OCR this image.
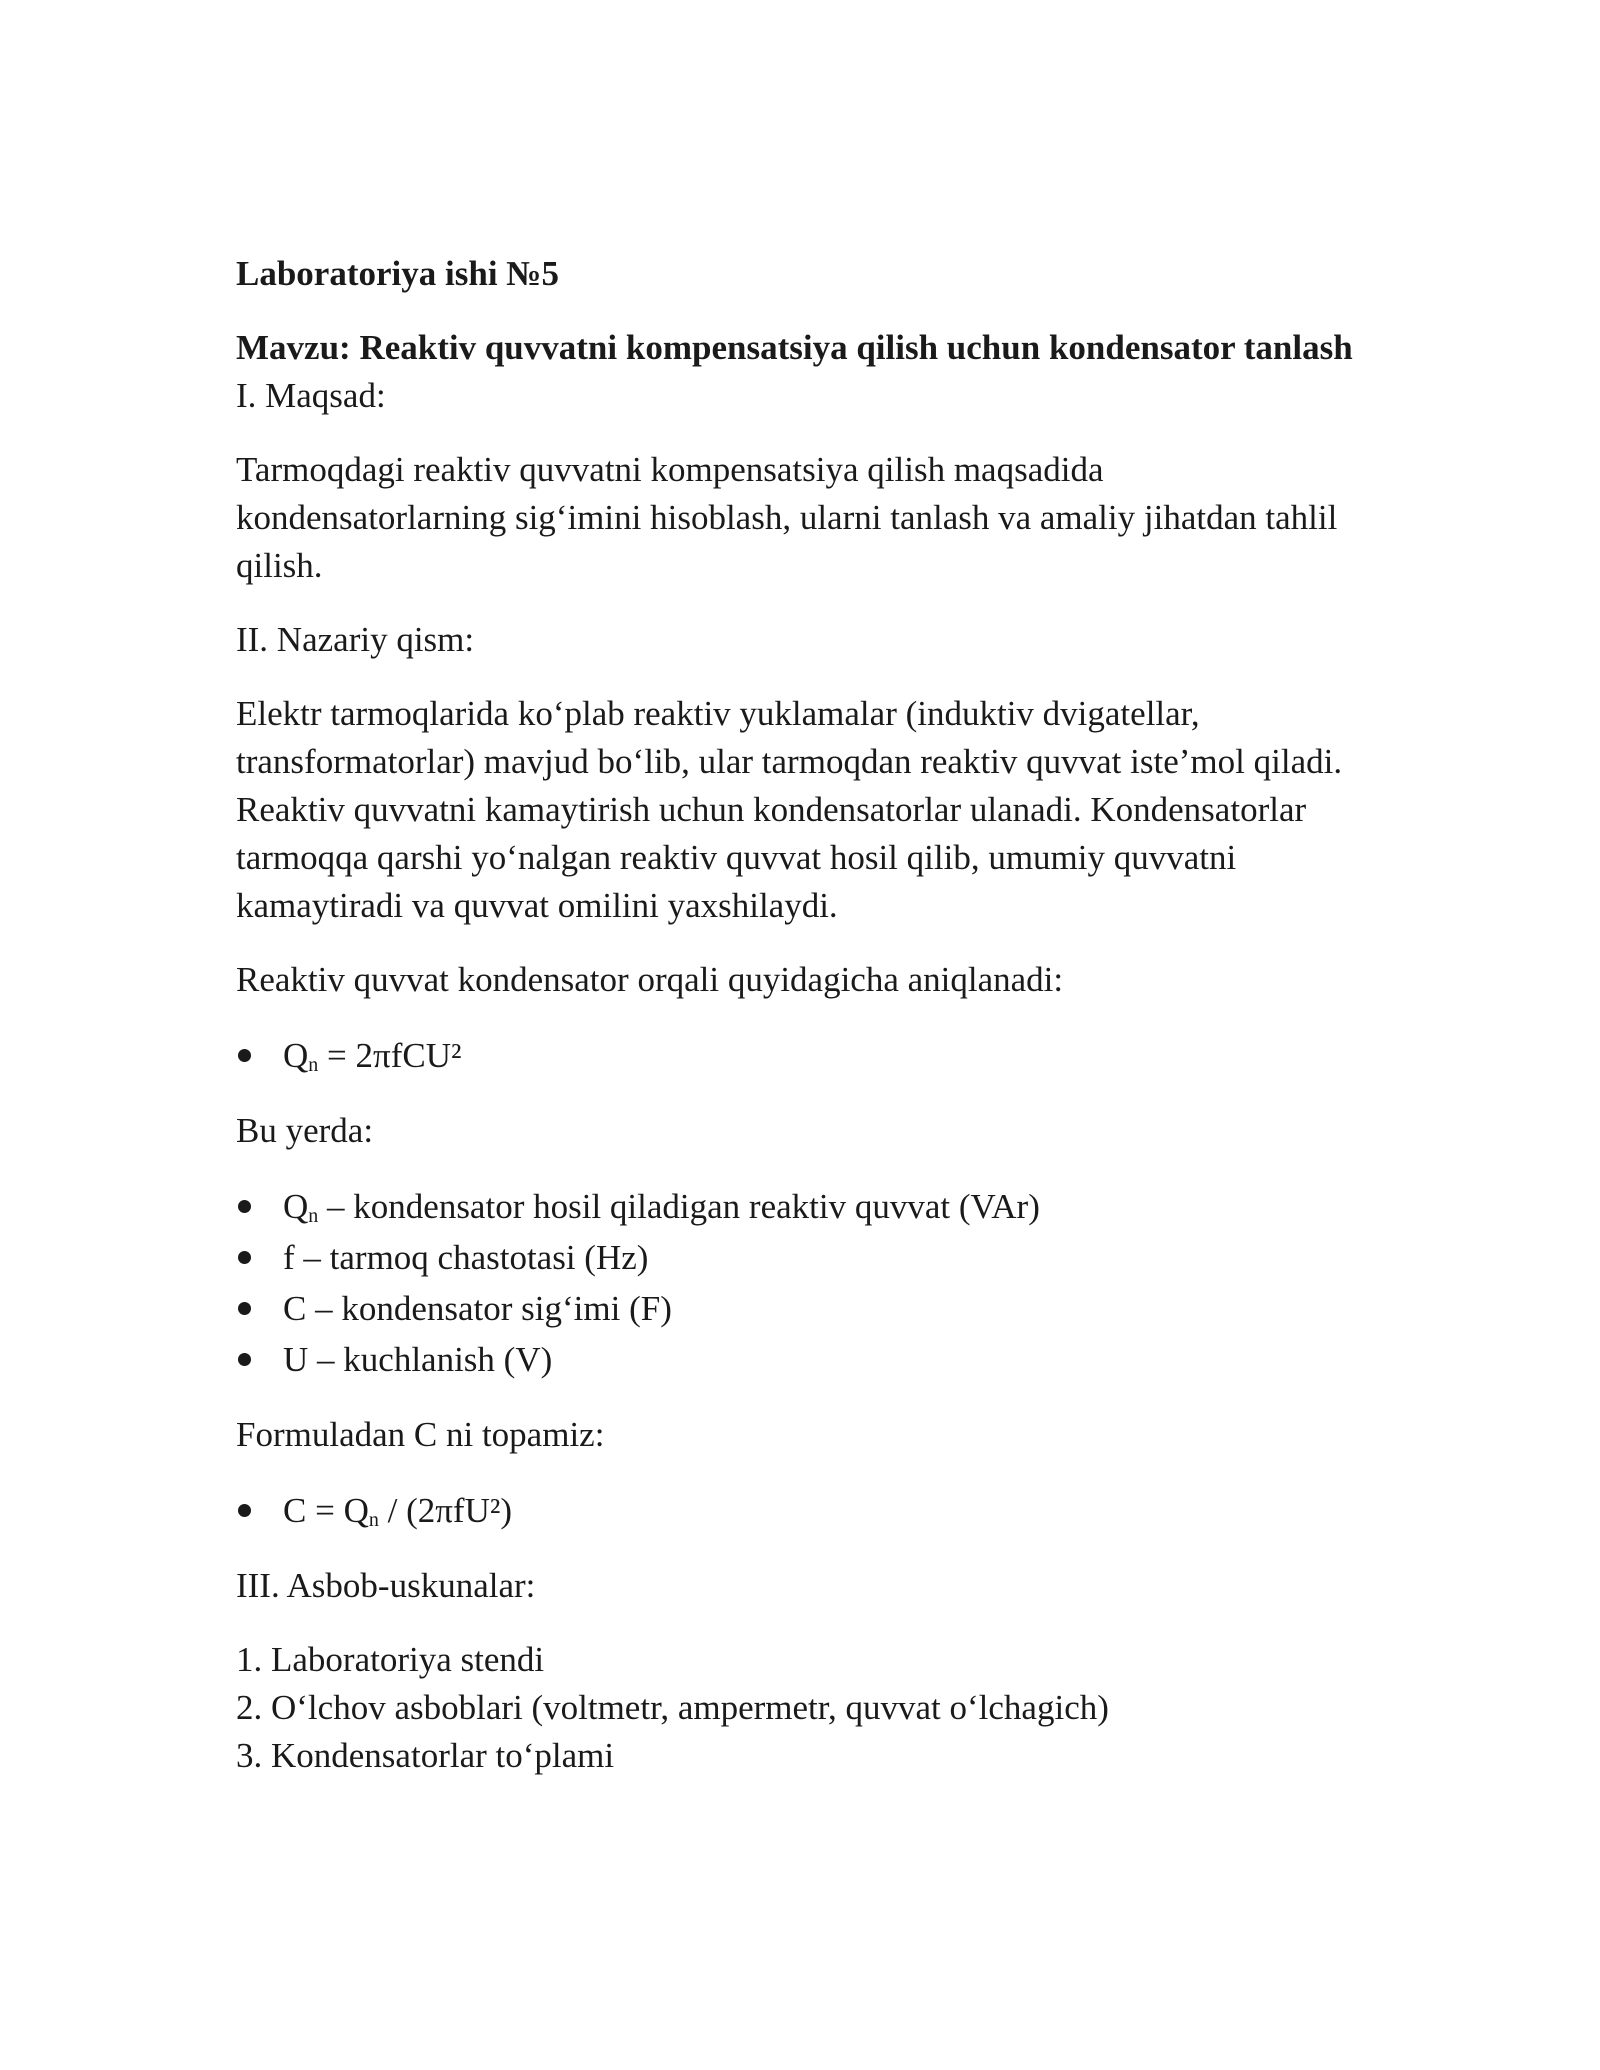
Laboratoriya ishi №5
Mavzu: Reaktiv quvvatni kompensatsiya qilish uchun kondensator tanlash
I. Maqsad:

Tarmoqdagi reaktiv quvvatni kompensatsiya qilish maqsadida kondensatorlarning sig‘imini hisoblash, ularni tanlash va amaliy jihatdan tahlil qilish.

II. Nazariy qism:

Elektr tarmoqlarida ko‘plab reaktiv yuklamalar (induktiv dvigatellar, transformatorlar) mavjud bo‘lib, ular tarmoqdan reaktiv quvvat iste’mol qiladi. Reaktiv quvvatni kamaytirish uchun kondensatorlar ulanadi. Kondensatorlar tarmoqqa qarshi yo‘nalgan reaktiv quvvat hosil qilib, umumiy quvvatni kamaytiradi va quvvat omilini yaxshilaydi.

Reaktiv quvvat kondensator orqali quyidagicha aniqlanadi:

$Q_n = 2\pi fCU^2$

Bu yerda:

$Q_n$ – kondensator hosil qiladigan reaktiv quvvat (VAr)
f – tarmoq chastotasi (Hz)
C – kondensator sig‘imi (F)
U – kuchlanish (V)

Formuladan C ni topamiz:

$C = Q_n / (2\pi fU^2)$
III. Asbob-uskunalar:
1. Laboratoriya stendi
2. O‘lchov asboblari (voltmetr, ampermetr, quvvat o‘lchagich)
3. Kondensatorlar to‘plami
